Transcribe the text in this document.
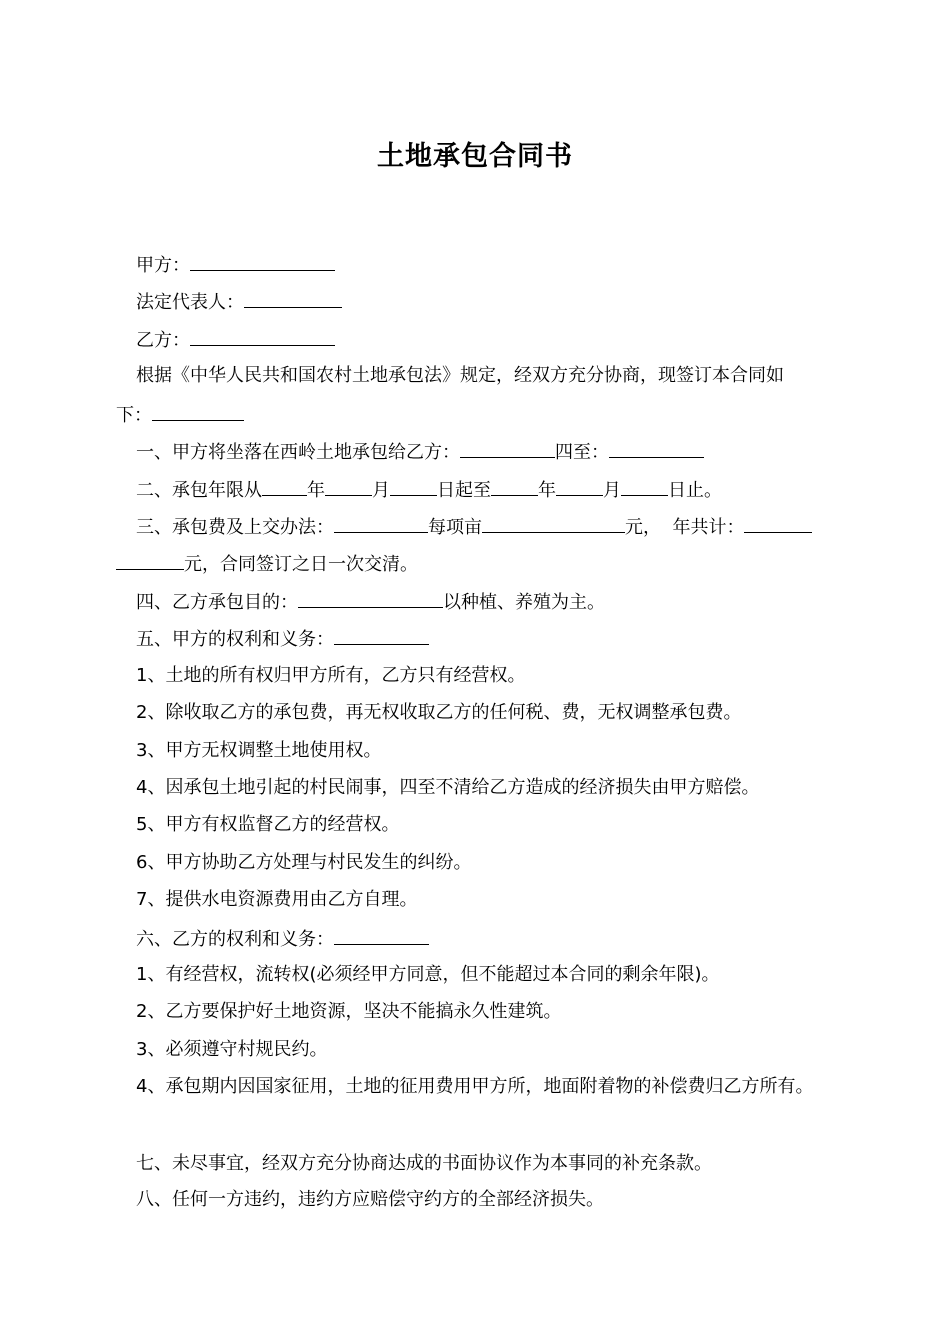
土地承包合同书
甲方：
法定代表人：
乙方：
根据《中华人民共和国农村土地承包法》规定，经双方充分协商，现签订本合同如
下：
一、甲方将坐落在西岭土地承包给乙方：	四至：
二、承包年限从	年	月	日起至	年	月	日止。
三、承包费及上交办法：	每项亩	元，  年共计：
元，合同签订之日一次交清。
四、乙方承包目的：	以种植、养殖为主。
五、甲方的权利和义务：
1、土地的所有权归甲方所有，乙方只有经营权。
2、除收取乙方的承包费，再无权收取乙方的任何税、费，无权调整承包费。
3、甲方无权调整土地使用权。
4、因承包土地引起的村民闹事，四至不清给乙方造成的经济损失由甲方赔偿。
5、甲方有权监督乙方的经营权。
6、甲方协助乙方处理与村民发生的纠纷。
7、提供水电资源费用由乙方自理。
六、乙方的权利和义务：
1、有经营权，流转权(必须经甲方同意，但不能超过本合同的剩余年限)。
2、乙方要保护好土地资源，坚决不能搞永久性建筑。
3、必须遵守村规民约。
4、承包期内因国家征用，土地的征用费用甲方所，地面附着物的补偿费归乙方所有。
七、未尽事宜，经双方充分协商达成的书面协议作为本事同的补充条款。
八、任何一方违约，违约方应赔偿守约方的全部经济损失。
